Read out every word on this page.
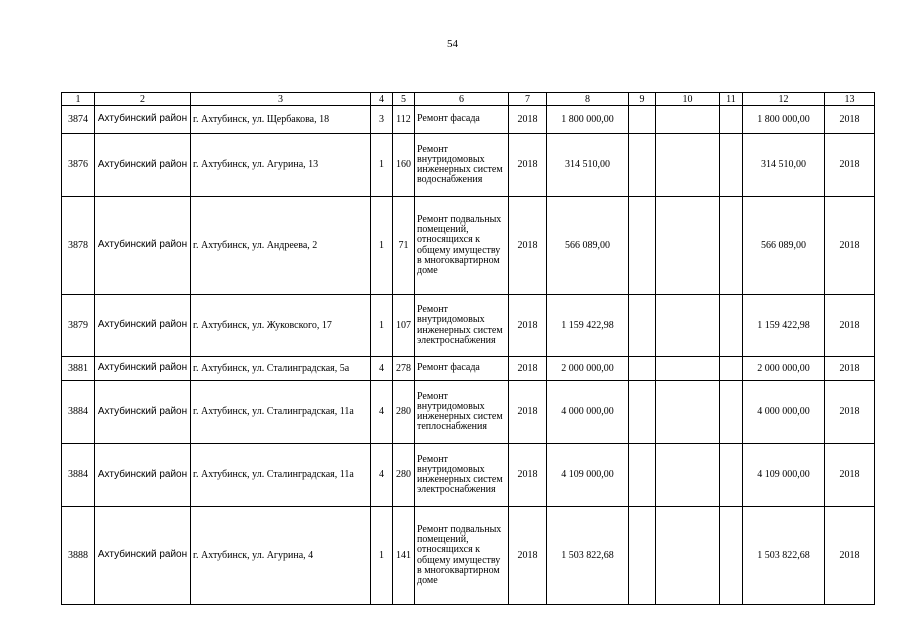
54
1	2	3	4	5	6	7	8	9	10	11	12	13
3874	Ахтубинский район	г. Ахтубинск, ул. Щербакова, 18	3	112	Ремонт фасада	2018	1 800 000,00				1 800 000,00	2018
3876	Ахтубинский район	г. Ахтубинск, ул. Агурина, 13	1	160	Ремонт внутридомовых инженерных систем водоснабжения	2018	314 510,00				314 510,00	2018
3878	Ахтубинский район	г. Ахтубинск, ул. Андреева, 2	1	71	Ремонт подвальных помещений, относящихся к общему имуществу в многоквартирном доме	2018	566 089,00				566 089,00	2018
3879	Ахтубинский район	г. Ахтубинск, ул. Жуковского, 17	1	107	Ремонт внутридомовых инженерных систем электроснабжения	2018	1 159 422,98				1 159 422,98	2018
3881	Ахтубинский район	г. Ахтубинск, ул. Сталинградская, 5а	4	278	Ремонт фасада	2018	2 000 000,00				2 000 000,00	2018
3884	Ахтубинский район	г. Ахтубинск, ул. Сталинградская, 11а	4	280	Ремонт внутридомовых инженерных систем теплоснабжения	2018	4 000 000,00				4 000 000,00	2018
3884	Ахтубинский район	г. Ахтубинск, ул. Сталинградская, 11а	4	280	Ремонт внутридомовых инженерных систем электроснабжения	2018	4 109 000,00				4 109 000,00	2018
3888	Ахтубинский район	г. Ахтубинск, ул. Агурина, 4	1	141	Ремонт подвальных помещений, относящихся к общему имуществу в многоквартирном доме	2018	1 503 822,68				1 503 822,68	2018
